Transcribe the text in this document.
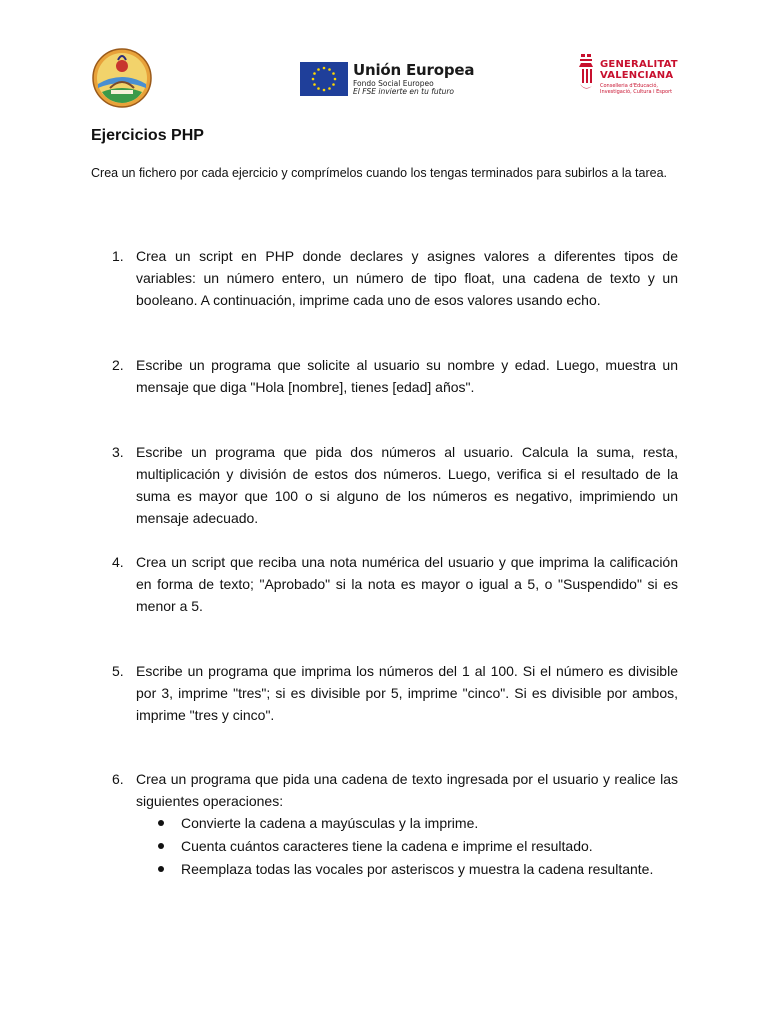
Unión Europea
Fondo Social Europeo
El FSE invierte en tu futuro
GENERALITAT
VALENCIANA
Conselleria d'Educació,
Investigació, Cultura i Esport
Ejercicios PHP

Crea un fichero por cada ejercicio y comprímelos cuando los tengas terminados para subirlos a la tarea.

1. Crea un script en PHP donde declares y asignes valores a diferentes tipos de variables: un número entero, un número de tipo float, una cadena de texto y un booleano. A continuación, imprime cada uno de esos valores usando echo.

2. Escribe un programa que solicite al usuario su nombre y edad. Luego, muestra un mensaje que diga "Hola [nombre], tienes [edad] años".

3. Escribe un programa que pida dos números al usuario. Calcula la suma, resta, multiplicación y división de estos dos números. Luego, verifica si el resultado de la suma es mayor que 100 o si alguno de los números es negativo, imprimiendo un mensaje adecuado.

4. Crea un script que reciba una nota numérica del usuario y que imprima la calificación en forma de texto; "Aprobado" si la nota es mayor o igual a 5, o "Suspendido" si es menor a 5.

5. Escribe un programa que imprima los números del 1 al 100. Si el número es divisible por 3, imprime "tres"; si es divisible por 5, imprime "cinco". Si es divisible por ambos, imprime "tres y cinco".

6. Crea un programa que pida una cadena de texto ingresada por el usuario y realice las siguientes operaciones:

Convierte la cadena a mayúsculas y la imprime.
Cuenta cuántos caracteres tiene la cadena e imprime el resultado.
Reemplaza todas las vocales por asteriscos y muestra la cadena resultante.
